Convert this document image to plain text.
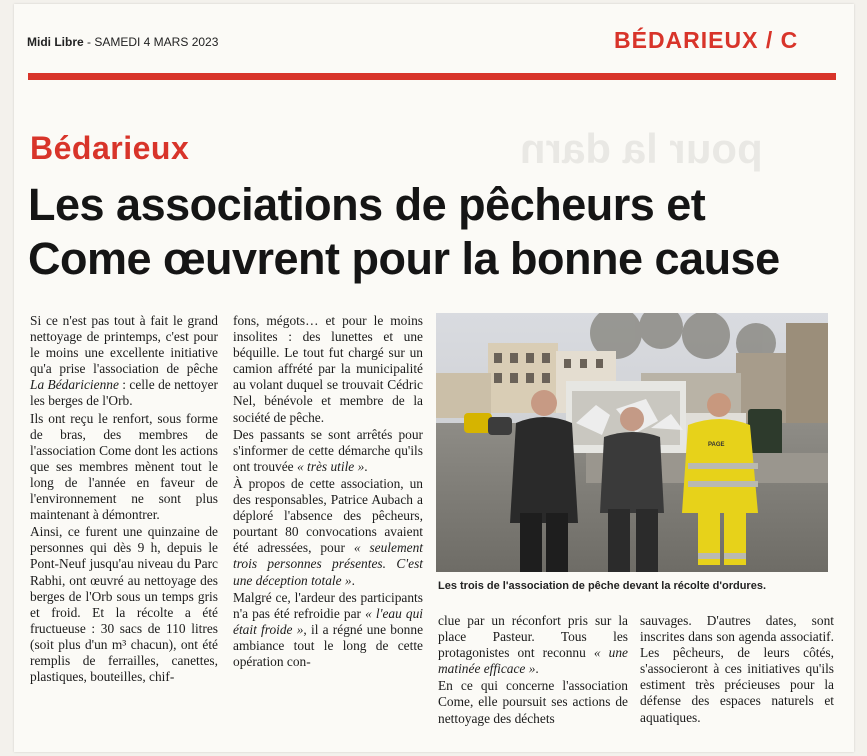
Midi Libre - SAMEDI 4 MARS 2023	BÉDARIEUX / C
pour la darn
Bédarieux
Les associations de pêcheurs et Come œuvrent pour la bonne cause

Si ce n'est pas tout à fait le grand nettoyage de printemps, c'est pour le moins une excellente initiative qu'a prise l'association de pêche La Bédaricienne : celle de nettoyer les berges de l'Orb.

Ils ont reçu le renfort, sous forme de bras, des membres de l'association Come dont les actions que ses membres mènent tout le long de l'année en faveur de l'environnement ne sont plus maintenant à démontrer.

Ainsi, ce furent une quinzaine de personnes qui dès 9 h, depuis le Pont-Neuf jusqu'au niveau du Parc Rabhi, ont œuvré au nettoyage des berges de l'Orb sous un temps gris et froid. Et la récolte a été fructueuse : 30 sacs de 110 litres (soit plus d'un m³ chacun), ont été remplis de ferrailles, canettes, plastiques, bouteilles, chif-

fons, mégots… et pour le moins insolites : des lunettes et une béquille. Le tout fut chargé sur un camion affrété par la municipalité au volant duquel se trouvait Cédric Nel, bénévole et membre de la société de pêche.

Des passants se sont arrêtés pour s'informer de cette démarche qu'ils ont trouvée « très utile ».

À propos de cette association, un des responsables, Patrice Aubach a déploré l'absence des pêcheurs, pourtant 80 convocations avaient été adressées, pour « seulement trois personnes présentes. C'est une déception totale ».

Malgré ce, l'ardeur des participants n'a pas été refroidie par « l'eau qui était froide », il a régné une bonne ambiance tout le long de cette opération con-

PAGE
Les trois de l'association de pêche devant la récolte d'ordures.

clue par un réconfort pris sur la place Pasteur. Tous les protagonistes ont reconnu « une matinée efficace ».

En ce qui concerne l'association Come, elle poursuit ses actions de nettoyage des déchets

sauvages. D'autres dates, sont inscrites dans son agenda associatif. Les pêcheurs, de leurs côtés, s'associeront à ces initiatives qu'ils estiment très précieuses pour la défense des espaces naturels et aquatiques.
